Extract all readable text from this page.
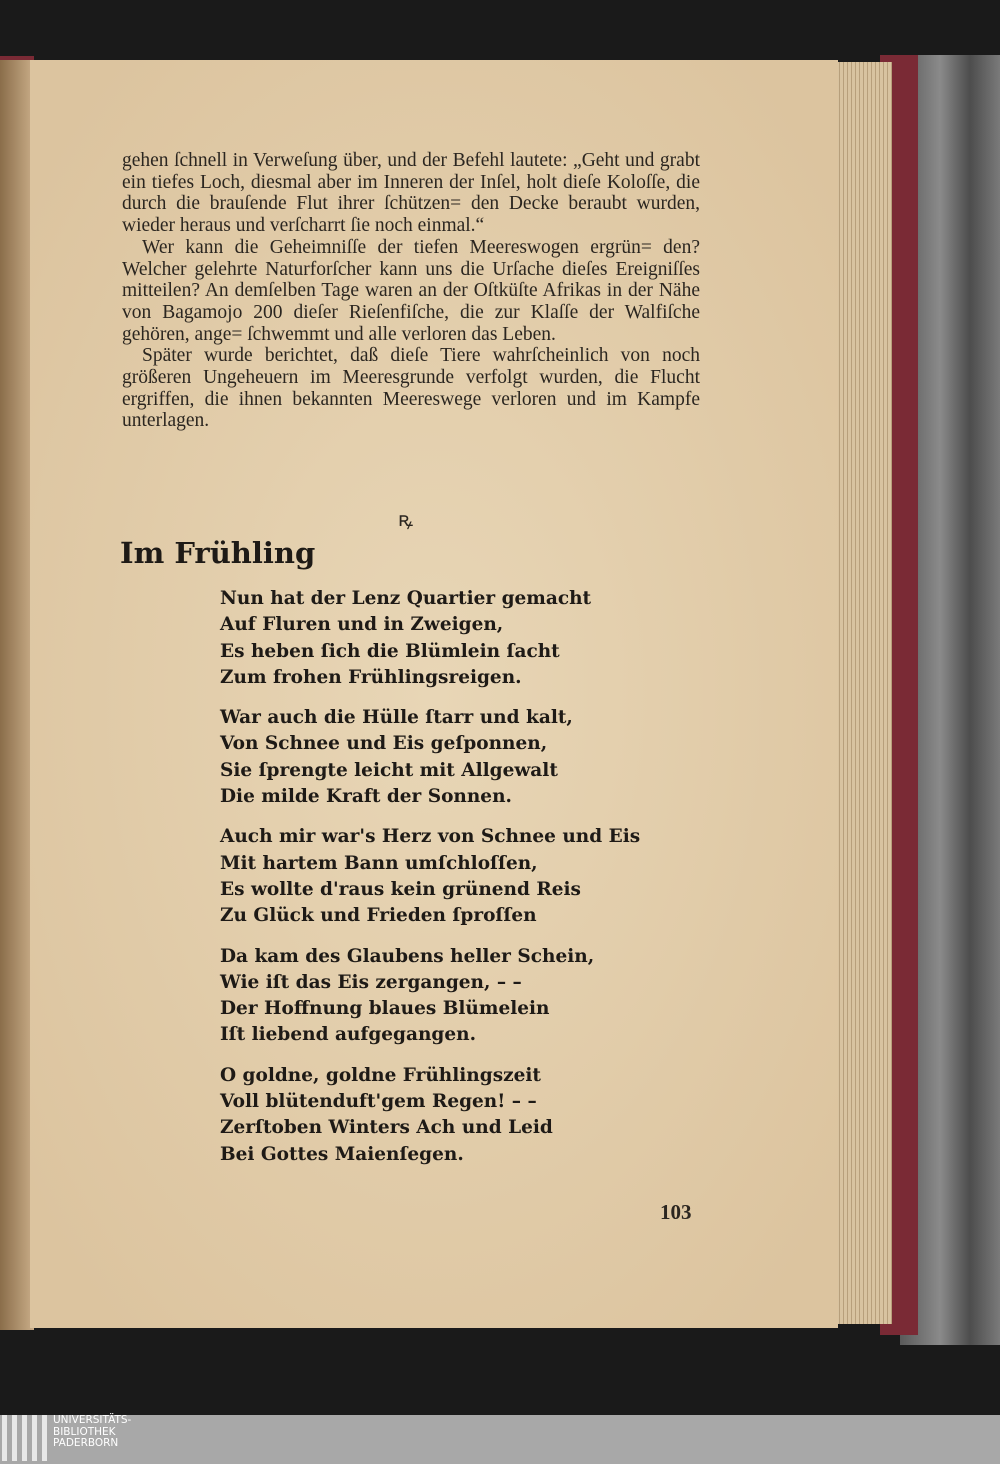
gehen ſchnell in Verweſung über, und der Befehl lautete: „Geht und grabt ein tiefes Loch, diesmal aber im Inneren der Inſel, holt dieſe Koloſſe, die durch die brauſende Flut ihrer ſchützen= den Decke beraubt wurden, wieder heraus und verſcharrt ſie noch einmal.“

Wer kann die Geheimniſſe der tiefen Meereswogen ergrün= den? Welcher gelehrte Naturforſcher kann uns die Urſache dieſes Ereigniſſes mitteilen? An demſelben Tage waren an der Oſtküſte Afrikas in der Nähe von Bagamojo 200 dieſer Rieſenfiſche, die zur Klaſſe der Walfiſche gehören, ange= ſchwemmt und alle verloren das Leben.

Später wurde berichtet, daß dieſe Tiere wahrſcheinlich von noch größeren Ungeheuern im Meeresgrunde verfolgt wurden, die Flucht ergriffen, die ihnen bekannten Meereswege verloren und im Kampfe unterlagen.

ꝶ
Im Frühling
Nun hat der Lenz Quartier gemacht
Auf Fluren und in Zweigen,
Es heben ſich die Blümlein ſacht
Zum frohen Frühlingsreigen.
War auch die Hülle ſtarr und kalt,
Von Schnee und Eis geſponnen,
Sie ſprengte leicht mit Allgewalt
Die milde Kraft der Sonnen.
Auch mir war's Herz von Schnee und Eis
Mit hartem Bann umſchloſſen,
Es wollte d'raus kein grünend Reis
Zu Glück und Frieden ſproſſen
Da kam des Glaubens heller Schein,
Wie iſt das Eis zergangen, – –
Der Hoffnung blaues Blümelein
Iſt liebend aufgegangen.
O goldne, goldne Frühlingszeit
Voll blütenduft'gem Regen! – –
Zerſtoben Winters Ach und Leid
Bei Gottes Maienſegen.
103
UNIVERSITÄTS-
BIBLIOTHEK
PADERBORN
